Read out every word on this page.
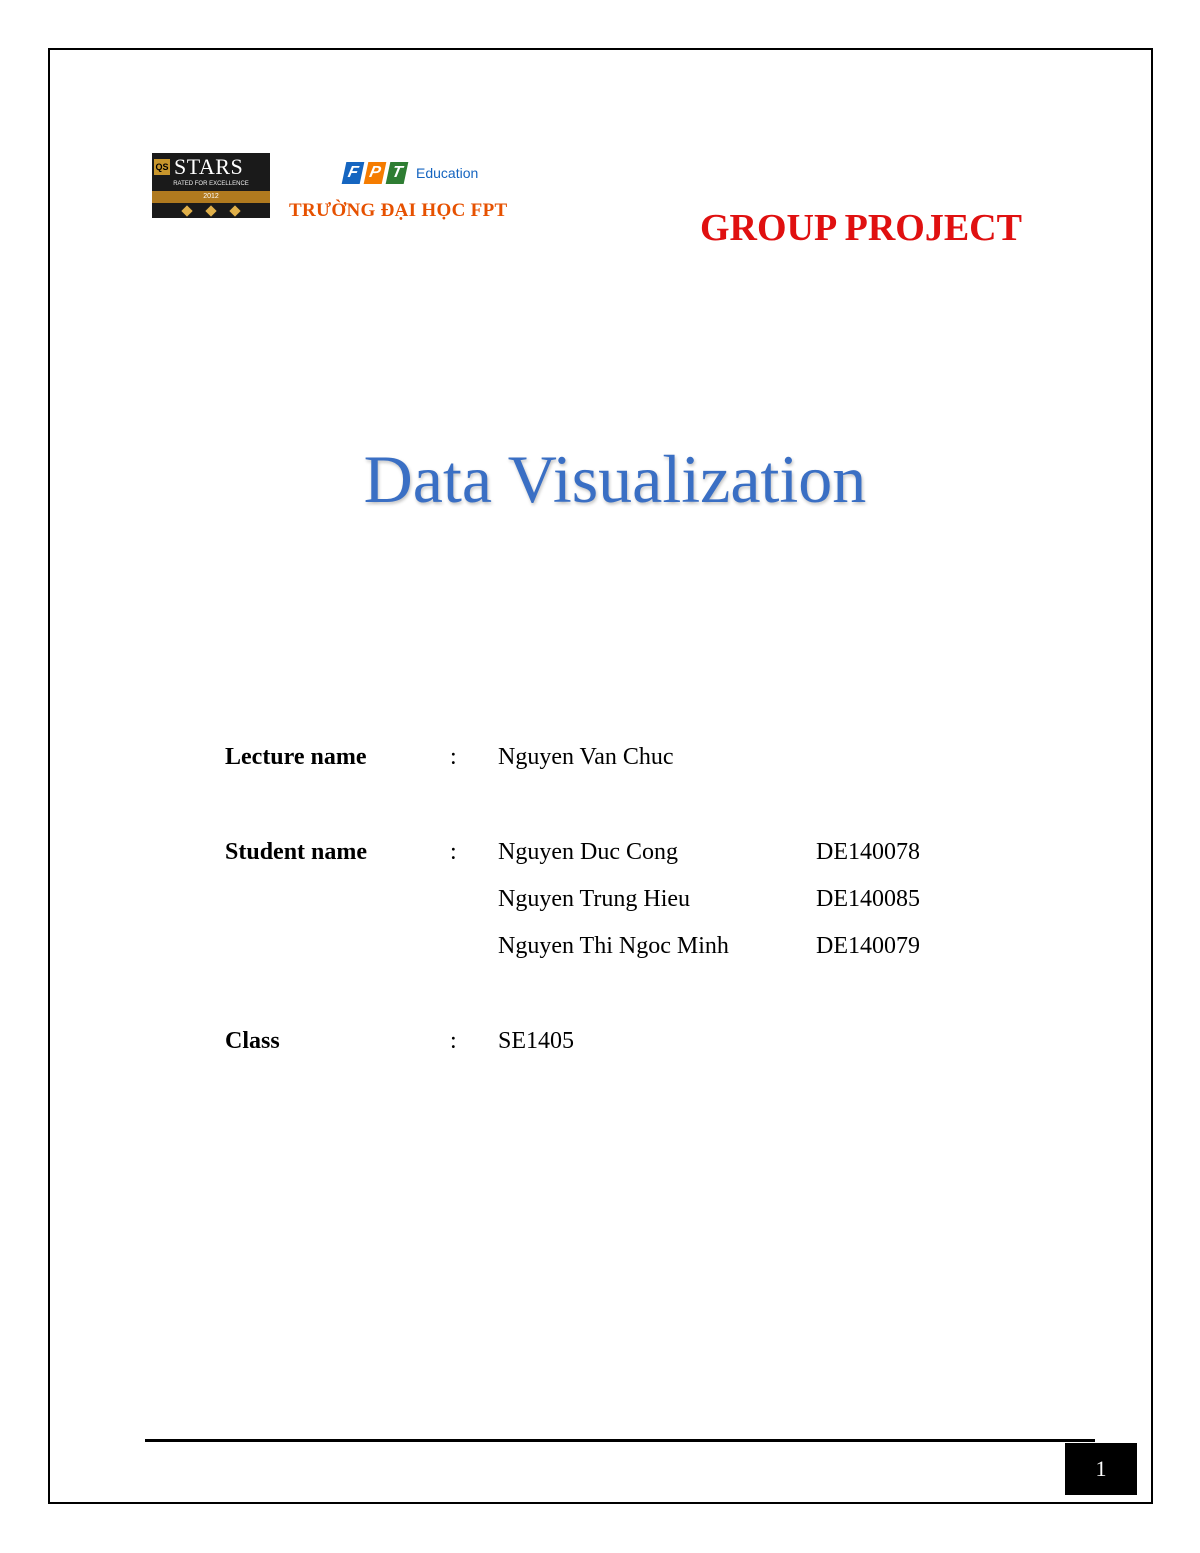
QS STARS
RATED FOR EXCELLENCE
2012
F P T Education
TRƯỜNG ĐẠI HỌC FPT	GROUP PROJECT
Data Visualization
Lecture name	: Nguyen Van Chuc
Student name	: Nguyen Duc Cong	DE140078
Nguyen Trung Hieu	DE140085
Nguyen Thi Ngoc Minh	DE140079
Class	: SE1405
1
